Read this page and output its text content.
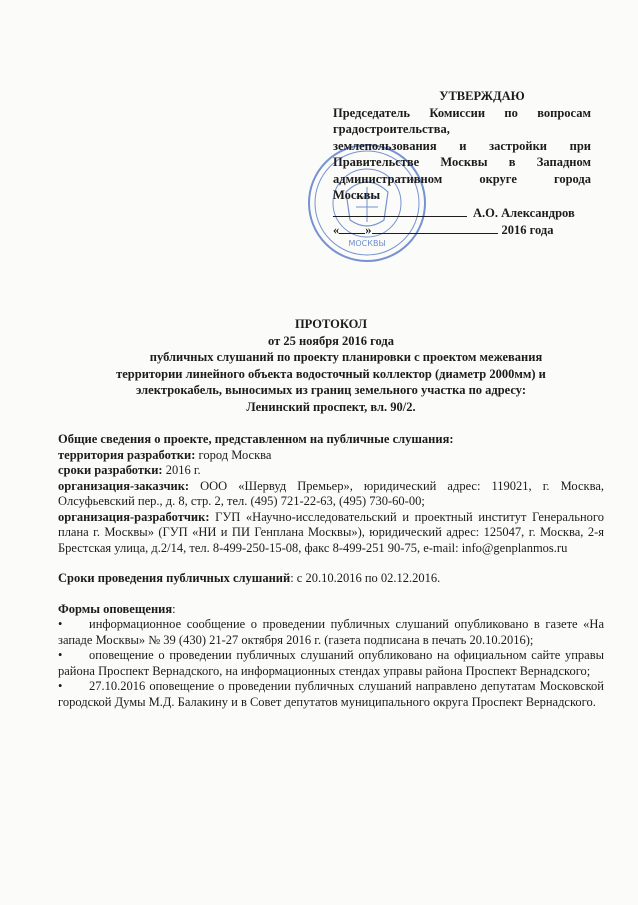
МОСКВЫ
УТВЕРЖДАЮ
Председатель Комиссии по вопросам
градостроительства,
землепользования и застройки при
Правительстве Москвы в Западном
административном округе города
Москвы
А.О. Александров
« »	2016 года
ПРОТОКОЛ
от 25 ноября 2016 года
публичных слушаний по проекту планировки с проектом межевания
территории линейного объекта водосточный коллектор (диаметр 2000мм) и
электрокабель, выносимых из границ земельного участка по адресу:
Ленинский проспект, вл. 90/2.

Общие сведения о проекте, представленном на публичные слушания:

территория разработки: город Москва

сроки разработки: 2016 г.

организация-заказчик: ООО «Шервуд Премьер», юридический адрес: 119021, г. Москва, Олсуфьевский пер., д. 8, стр. 2, тел. (495) 721-22-63, (495) 730-60-00;

организация-разработчик: ГУП «Научно-исследовательский и проектный институт Генерального плана г. Москвы» (ГУП «НИ и ПИ Генплана Москвы»), юридический адрес: 125047, г. Москва, 2-я Брестская улица, д.2/14, тел. 8-499-250-15-08, факс 8-499-251 90-75, e-mail: info@genplanmos.ru

Сроки проведения публичных слушаний: с 20.10.2016 по 02.12.2016.

Формы оповещения:

• информационное сообщение о проведении публичных слушаний опубликовано в газете «На западе Москвы» № 39 (430) 21-27 октября 2016 г. (газета подписана в печать 20.10.2016);

• оповещение о проведении публичных слушаний опубликовано на официальном сайте управы района Проспект Вернадского, на информационных стендах управы района Проспект Вернадского;

• 27.10.2016 оповещение о проведении публичных слушаний направлено депутатам Московской городской Думы М.Д. Балакину и в Совет депутатов муниципального округа Проспект Вернадского.
